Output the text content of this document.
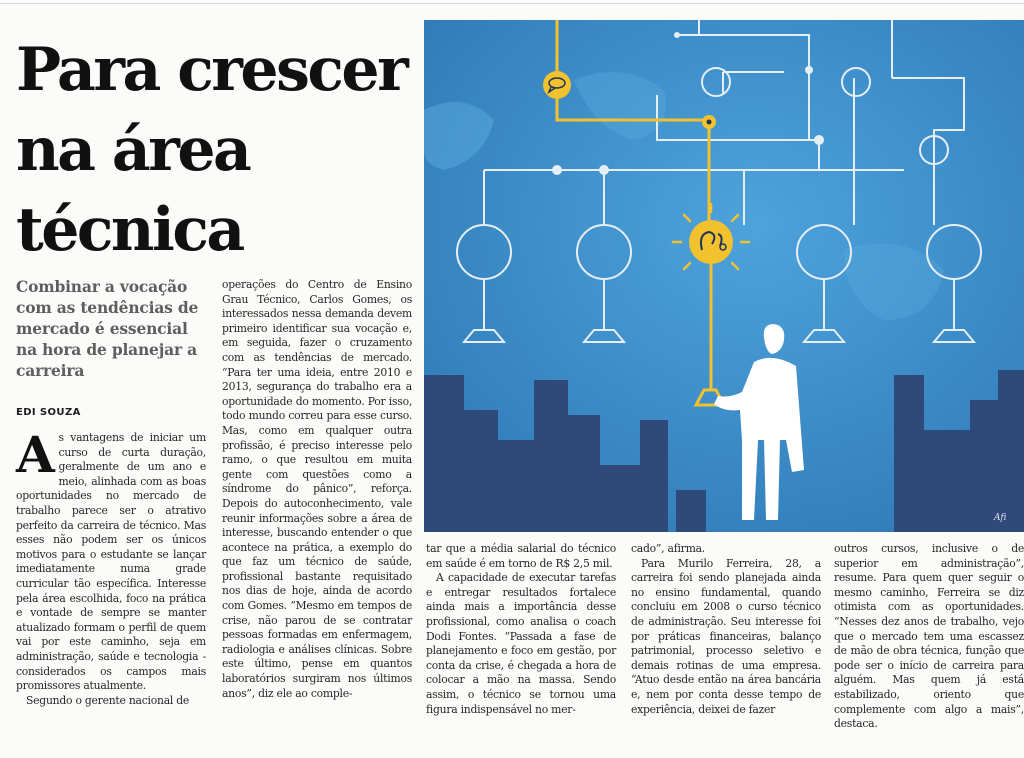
Para crescer na área técnica
Combinar a vocação com as tendências de mercado é essencial na hora de planejar a carreira
EDI SOUZA

As vantagens de iniciar um curso de curta duração, geralmente de um ano e meio, alinhada com as boas oportunidades no mercado de trabalho parece ser o atrativo perfeito da carreira de técnico. Mas esses não podem ser os únicos motivos para o estudante se lançar imediatamente numa grade curricular tão específica. Interesse pela área escolhida, foco na prática e vontade de sempre se manter atualizado formam o perfil de quem vai por este caminho, seja em administração, saúde e tecnologia - considerados os campos mais promissores atualmente.

Segundo o gerente nacional de

operações do Centro de Ensino Grau Técnico, Carlos Gomes, os interessados nessa demanda devem primeiro identificar sua vocação e, em seguida, fazer o cruzamento com as tendências de mercado. “Para ter uma ideia, entre 2010 e 2013, segurança do trabalho era a oportunidade do momento. Por isso, todo mundo correu para esse curso. Mas, como em qualquer outra profissão, é preciso interesse pelo ramo, o que resultou em muita gente com questões como a síndrome do pânico”, reforça. Depois do autoconhecimento, vale reunir informações sobre a área de interesse, buscando entender o que acontece na prática, a exemplo do que faz um técnico de saúde, profissional bastante requisitado nos dias de hoje, ainda de acordo com Gomes. “Mesmo em tempos de crise, não parou de se contratar pessoas formadas em enfermagem, radiologia e análises clínicas. Sobre este último, pense em quantos laboratórios surgiram nos últimos anos”, diz ele ao comple-

tar que a média salarial do técnico em saúde é em torno de R$ 2,5 mil.

A capacidade de executar tarefas e entregar resultados fortalece ainda mais a importância desse profissional, como analisa o coach Dodi Fontes. “Passada a fase de planejamento e foco em gestão, por conta da crise, é chegada a hora de colocar a mão na massa. Sendo assim, o técnico se tornou uma figura indispensável no mer-

cado”, afirma.

Para Murilo Ferreira, 28, a carreira foi sendo planejada ainda no ensino fundamental, quando concluiu em 2008 o curso técnico de administração. Seu interesse foi por práticas financeiras, balanço patrimonial, processo seletivo e demais rotinas de uma empresa. “Atuo desde então na área bancária e, nem por conta desse tempo de experiência, deixei de fazer

outros cursos, inclusive o de superior em administração”, resume. Para quem quer seguir o mesmo caminho, Ferreira se diz otimista com as oportunidades. “Nesses dez anos de trabalho, vejo que o mercado tem uma escassez de mão de obra técnica, função que pode ser o início de carreira para alguém. Mas quem já está estabilizado, oriento que complemente com algo a mais”, destaca.

Afi
